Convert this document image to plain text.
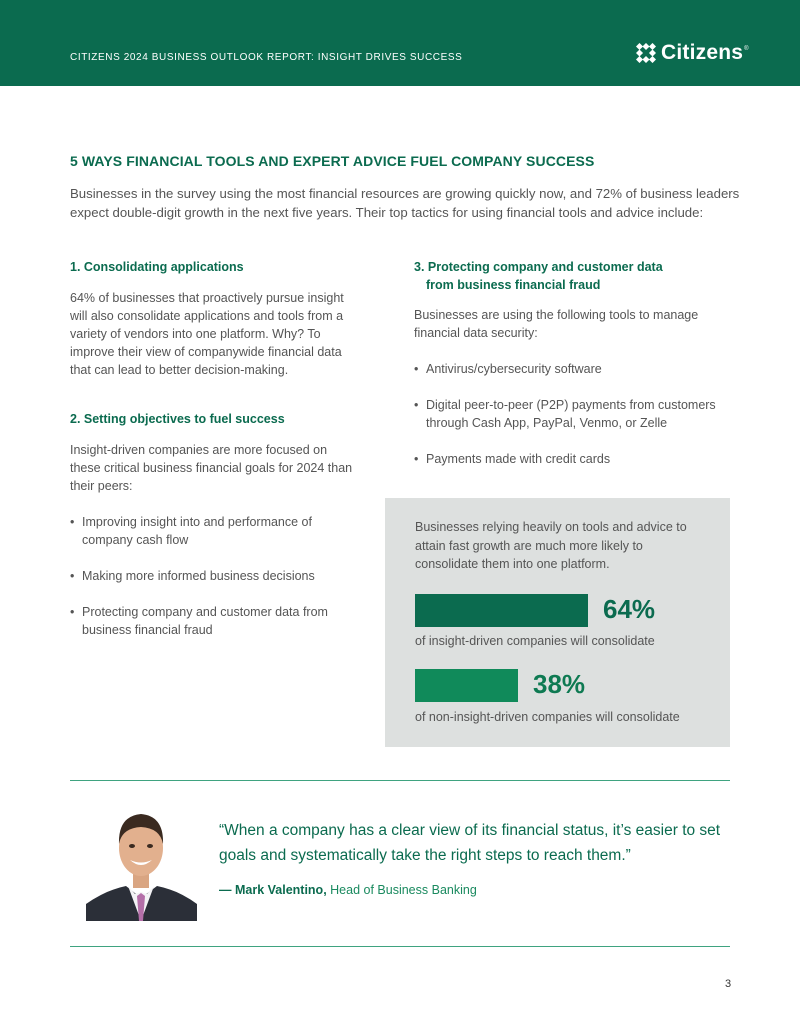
CITIZENS 2024 BUSINESS OUTLOOK REPORT: INSIGHT DRIVES SUCCESS	Citizens ®
5 WAYS FINANCIAL TOOLS AND EXPERT ADVICE FUEL COMPANY SUCCESS

Businesses in the survey using the most financial resources are growing quickly now, and 72% of business leaders expect double-digit growth in the next five years. Their top tactics for using financial tools and advice include:

1. Consolidating applications

64% of businesses that proactively pursue insight will also consolidate applications and tools from a variety of vendors into one platform. Why? To improve their view of companywide financial data that can lead to better decision-making.

2. Setting objectives to fuel success

Insight-driven companies are more focused on these critical business financial goals for 2024 than their peers:

• Improving insight into and performance of company cash flow
• Making more informed business decisions
• Protecting company and customer data from business financial fraud
3. Protecting company and customer data
from business financial fraud

Businesses are using the following tools to manage financial data security:

• Antivirus/cybersecurity software
• Digital peer-to-peer (P2P) payments from customers through Cash App, PayPal, Venmo, or Zelle
• Payments made with credit cards

Businesses relying heavily on tools and advice to attain fast growth are much more likely to consolidate them into one platform.

64%

of insight-driven companies will consolidate

38%

of non-insight-driven companies will consolidate

“When a company has a clear view of its financial status, it’s easier to set goals and systematically take the right steps to reach them.”

— Mark Valentino, Head of Business Banking

3
